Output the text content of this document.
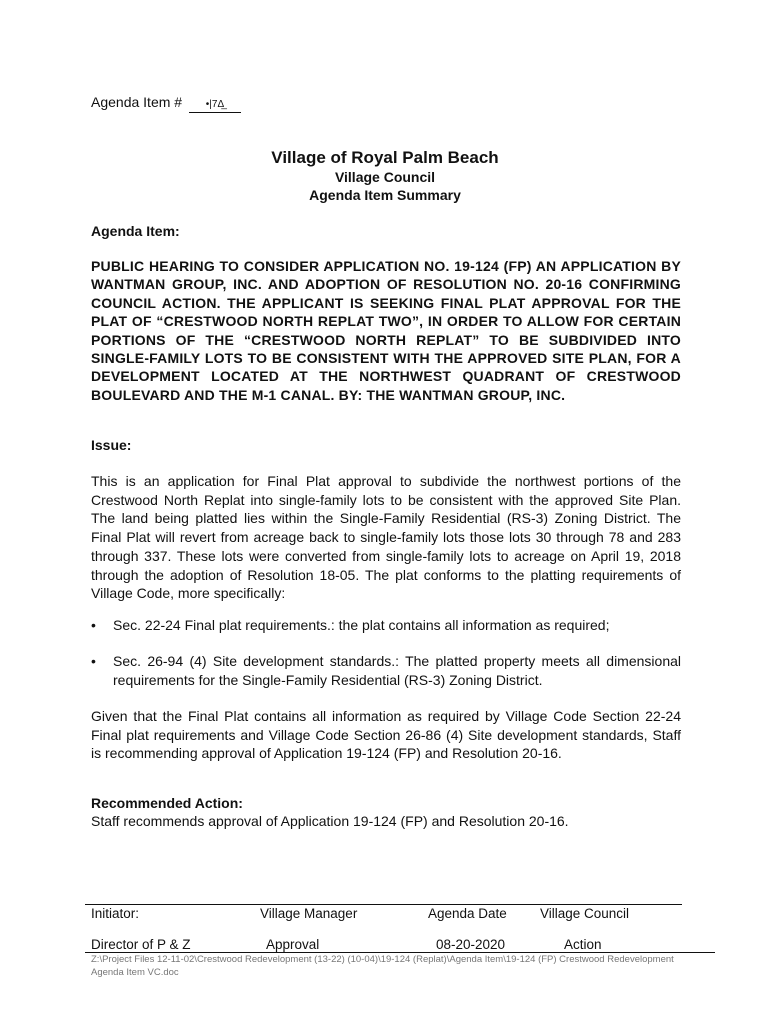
Agenda Item # •|7Δ̲
Village of Royal Palm Beach
Village Council
Agenda Item Summary
Agenda Item:
PUBLIC HEARING TO CONSIDER APPLICATION NO. 19-124 (FP) AN APPLICATION BY WANTMAN GROUP, INC. AND ADOPTION OF RESOLUTION NO. 20-16 CONFIRMING COUNCIL ACTION. THE APPLICANT IS SEEKING FINAL PLAT APPROVAL FOR THE PLAT OF “CRESTWOOD NORTH REPLAT TWO”, IN ORDER TO ALLOW FOR CERTAIN PORTIONS OF THE “CRESTWOOD NORTH REPLAT” TO BE SUBDIVIDED INTO SINGLE-FAMILY LOTS TO BE CONSISTENT WITH THE APPROVED SITE PLAN, FOR A DEVELOPMENT LOCATED AT THE NORTHWEST QUADRANT OF CRESTWOOD BOULEVARD AND THE M-1 CANAL. BY: THE WANTMAN GROUP, INC.
Issue:
This is an application for Final Plat approval to subdivide the northwest portions of the Crestwood North Replat into single-family lots to be consistent with the approved Site Plan. The land being platted lies within the Single-Family Residential (RS-3) Zoning District. The Final Plat will revert from acreage back to single-family lots those lots 30 through 78 and 283 through 337. These lots were converted from single-family lots to acreage on April 19, 2018 through the adoption of Resolution 18-05. The plat conforms to the platting requirements of Village Code, more specifically:
• Sec. 22-24 Final plat requirements.: the plat contains all information as required;
• Sec. 26-94 (4) Site development standards.: The platted property meets all dimensional requirements for the Single-Family Residential (RS-3) Zoning District.
Given that the Final Plat contains all information as required by Village Code Section 22-24 Final plat requirements and Village Code Section 26-86 (4) Site development standards, Staff is recommending approval of Application 19-124 (FP) and Resolution 20-16.
Recommended Action:
Staff recommends approval of Application 19-124 (FP) and Resolution 20-16.
Initiator:	Village Manager	Agenda Date Village Council
Director of P & Z	Approval	08-20-2020	Action
Z:\Project Files 12-11-02\Crestwood Redevelopment (13-22) (10-04)\19-124 (Replat)\Agenda Item\19-124 (FP) Crestwood Redevelopment Agenda Item VC.doc
